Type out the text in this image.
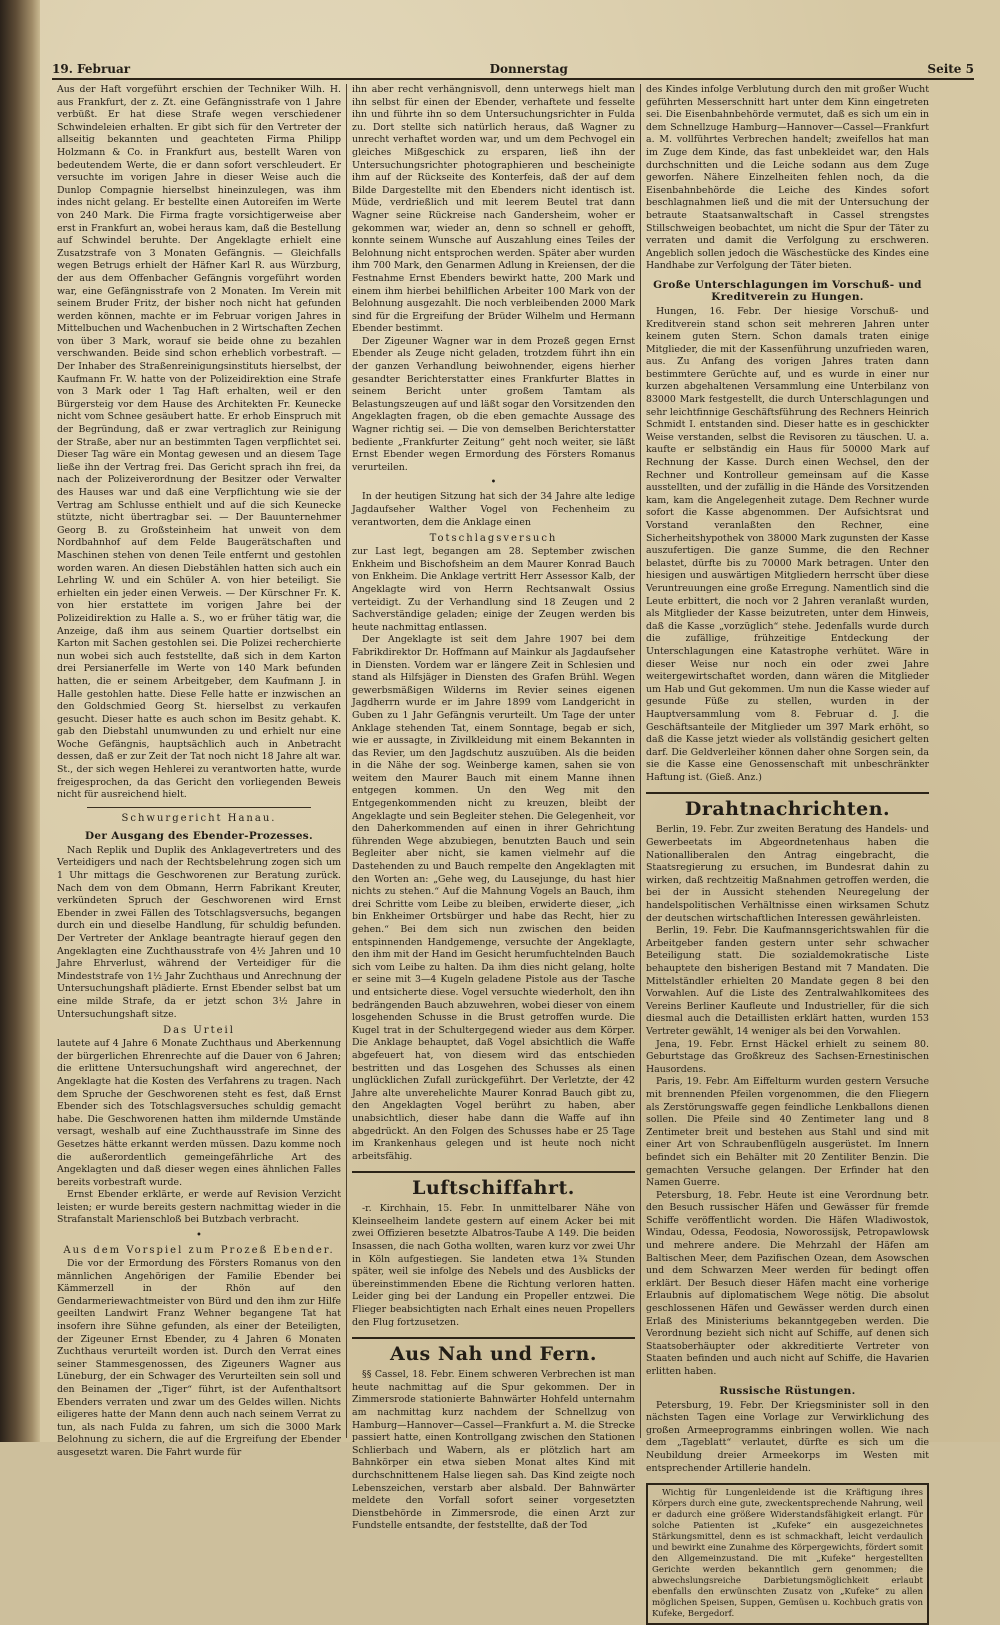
19. Februar	Donnerstag	Seite 5

Aus der Haft vorgeführt erschien der Techniker Wilh. H. aus Frankfurt, der z. Zt. eine Gefängnisstrafe von 1 Jahre verbüßt. Er hat diese Strafe wegen verschiedener Schwindeleien erhalten. Er gibt sich für den Vertreter der allseitig bekannten und geachteten Firma Philipp Holzmann & Co. in Frankfurt aus, bestellt Waren von bedeutendem Werte, die er dann sofort verschleudert. Er versuchte im vorigen Jahre in dieser Weise auch die Dunlop Compagnie hierselbst hineinzulegen, was ihm indes nicht gelang. Er bestellte einen Autoreifen im Werte von 240 Mark. Die Firma fragte vorsichtigerweise aber erst in Frankfurt an, wobei heraus kam, daß die Bestellung auf Schwindel beruhte. Der Angeklagte erhielt eine Zusatzstrafe von 3 Monaten Gefängnis. — Gleichfalls wegen Betrugs erhielt der Häfner Karl R. aus Würzburg, der aus dem Offenbacher Gefängnis vorgeführt worden war, eine Gefängnisstrafe von 2 Monaten. Im Verein mit seinem Bruder Fritz, der bisher noch nicht hat gefunden werden können, machte er im Februar vorigen Jahres in Mittelbuchen und Wachenbuchen in 2 Wirtschaften Zechen von über 3 Mark, worauf sie beide ohne zu bezahlen verschwanden. Beide sind schon erheblich vorbestraft. — Der Inhaber des Straßenreinigungsinstituts hierselbst, der Kaufmann Fr. W. hatte von der Polizeidirektion eine Strafe von 3 Mark oder 1 Tag Haft erhalten, weil er den Bürgersteig vor dem Hause des Architekten Fr. Keunecke nicht vom Schnee gesäubert hatte. Er erhob Einspruch mit der Begründung, daß er zwar vertraglich zur Reinigung der Straße, aber nur an bestimmten Tagen verpflichtet sei. Dieser Tag wäre ein Montag gewesen und an diesem Tage ließe ihn der Vertrag frei. Das Gericht sprach ihn frei, da nach der Polizeiverordnung der Besitzer oder Verwalter des Hauses war und daß eine Verpflichtung wie sie der Vertrag am Schlusse enthielt und auf die sich Keunecke stützte, nicht übertragbar sei. — Der Bauunternehmer Georg B. zu Großsteinheim hat unweit von dem Nordbahnhof auf dem Felde Baugerätschaften und Maschinen stehen von denen Teile entfernt und gestohlen worden waren. An diesen Diebstählen hatten sich auch ein Lehrling W. und ein Schüler A. von hier beteiligt. Sie erhielten ein jeder einen Verweis. — Der Kürschner Fr. K. von hier erstattete im vorigen Jahre bei der Polizeidirektion zu Halle a. S., wo er früher tätig war, die Anzeige, daß ihm aus seinem Quartier dortselbst ein Karton mit Sachen gestohlen sei. Die Polizei recherchierte nun wobei sich auch feststellte, daß sich in dem Karton drei Persianerfelle im Werte von 140 Mark befunden hatten, die er seinem Arbeitgeber, dem Kaufmann J. in Halle gestohlen hatte. Diese Felle hatte er inzwischen an den Goldschmied Georg St. hierselbst zu verkaufen gesucht. Dieser hatte es auch schon im Besitz gehabt. K. gab den Diebstahl unumwunden zu und erhielt nur eine Woche Gefängnis, hauptsächlich auch in Anbetracht dessen, daß er zur Zeit der Tat noch nicht 18 Jahre alt war. St., der sich wegen Hehlerei zu verantworten hatte, wurde freigesprochen, da das Gericht den vorliegenden Beweis nicht für ausreichend hielt.

Schwurgericht Hanau.
Der Ausgang des Ebender-Prozesses.

Nach Replik und Duplik des Anklagevertreters und des Verteidigers und nach der Rechtsbelehrung zogen sich um 1 Uhr mittags die Geschworenen zur Beratung zurück. Nach dem von dem Obmann, Herrn Fabrikant Kreuter, verkündeten Spruch der Geschworenen wird Ernst Ebender in zwei Fällen des Totschlagsversuchs, begangen durch ein und dieselbe Handlung, für schuldig befunden. Der Vertreter der Anklage beantragte hierauf gegen den Angeklagten eine Zuchthausstrafe von 4½ Jahren und 10 Jahre Ehrverlust, während der Verteidiger für die Mindeststrafe von 1½ Jahr Zuchthaus und Anrechnung der Untersuchungshaft plädierte. Ernst Ebender selbst bat um eine milde Strafe, da er jetzt schon 3½ Jahre in Untersuchungshaft sitze.

Das Urteil

lautete auf 4 Jahre 6 Monate Zuchthaus und Aberkennung der bürgerlichen Ehrenrechte auf die Dauer von 6 Jahren; die erlittene Untersuchungshaft wird angerechnet, der Angeklagte hat die Kosten des Verfahrens zu tragen. Nach dem Spruche der Geschworenen steht es fest, daß Ernst Ebender sich des Totschlagsversuches schuldig gemacht habe. Die Geschworenen hatten ihm mildernde Umstände versagt, weshalb auf eine Zuchthausstrafe im Sinne des Gesetzes hätte erkannt werden müssen. Dazu komme noch die außerordentlich gemeingefährliche Art des Angeklagten und daß dieser wegen eines ähnlichen Falles bereits vorbestraft wurde.

Ernst Ebender erklärte, er werde auf Revision Verzicht leisten; er wurde bereits gestern nachmittag wieder in die Strafanstalt Marienschloß bei Butzbach verbracht.

•
Aus dem Vorspiel zum Prozeß Ebender.

Die vor der Ermordung des Försters Romanus von den männlichen Angehörigen der Familie Ebender bei Kämmerzell in der Rhön auf den Gendarmeriewachtmeister von Bürd und den ihm zur Hilfe geeilten Landwirt Franz Wehner begangene Tat hat insofern ihre Sühne gefunden, als einer der Beteiligten, der Zigeuner Ernst Ebender, zu 4 Jahren 6 Monaten Zuchthaus verurteilt worden ist. Durch den Verrat eines seiner Stammesgenossen, des Zigeuners Wagner aus Lüneburg, der ein Schwager des Verurteilten sein soll und den Beinamen der „Tiger“ führt, ist der Aufenthaltsort Ebenders verraten und zwar um des Geldes willen. Nichts eiligeres hatte der Mann denn auch nach seinem Verrat zu tun, als nach Fulda zu fahren, um sich die 3000 Mark Belohnung zu sichern, die auf die Ergreifung der Ebender ausgesetzt waren. Die Fahrt wurde für

ihn aber recht verhängnisvoll, denn unterwegs hielt man ihn selbst für einen der Ebender, verhaftete und fesselte ihn und führte ihn so dem Untersuchungsrichter in Fulda zu. Dort stellte sich natürlich heraus, daß Wagner zu unrecht verhaftet worden war, und um dem Pechvogel ein gleiches Mißgeschick zu ersparen, ließ ihn der Untersuchungsrichter photographieren und bescheinigte ihm auf der Rückseite des Konterfeis, daß der auf dem Bilde Dargestellte mit den Ebenders nicht identisch ist. Müde, verdrießlich und mit leerem Beutel trat dann Wagner seine Rückreise nach Gandersheim, woher er gekommen war, wieder an, denn so schnell er gehofft, konnte seinem Wunsche auf Auszahlung eines Teiles der Belohnung nicht entsprochen werden. Später aber wurden ihm 700 Mark, den Genarmen Adlung in Kreiensen, der die Festnahme Ernst Ebenders bewirkt hatte, 200 Mark und einem ihm hierbei behilflichen Arbeiter 100 Mark von der Belohnung ausgezahlt. Die noch verbleibenden 2000 Mark sind für die Ergreifung der Brüder Wilhelm und Hermann Ebender bestimmt.

Der Zigeuner Wagner war in dem Prozeß gegen Ernst Ebender als Zeuge nicht geladen, trotzdem führt ihn ein der ganzen Verhandlung beiwohnender, eigens hierher gesandter Berichterstatter eines Frankfurter Blattes in seinem Bericht unter großem Tamtam als Belastungszeugen auf und läßt sogar den Vorsitzenden den Angeklagten fragen, ob die eben gemachte Aussage des Wagner richtig sei. — Die von demselben Berichterstatter bediente „Frankfurter Zeitung“ geht noch weiter, sie läßt Ernst Ebender wegen Ermordung des Försters Romanus verurteilen.

•

In der heutigen Sitzung hat sich der 34 Jahre alte ledige Jagdaufseher Walther Vogel von Fechenheim zu verantworten, dem die Anklage einen

Totschlagsversuch

zur Last legt, begangen am 28. September zwischen Enkheim und Bischofsheim an dem Maurer Konrad Bauch von Enkheim. Die Anklage vertritt Herr Assessor Kalb, der Angeklagte wird von Herrn Rechtsanwalt Ossius verteidigt. Zu der Verhandlung sind 18 Zeugen und 2 Sachverständige geladen; einige der Zeugen werden bis heute nachmittag entlassen.

Der Angeklagte ist seit dem Jahre 1907 bei dem Fabrikdirektor Dr. Hoffmann auf Mainkur als Jagdaufseher in Diensten. Vordem war er längere Zeit in Schlesien und stand als Hilfsjäger in Diensten des Grafen Brühl. Wegen gewerbsmäßigen Wilderns im Revier seines eigenen Jagdherrn wurde er im Jahre 1899 vom Landgericht in Guben zu 1 Jahr Gefängnis verurteilt. Um Tage der unter Anklage stehenden Tat, einem Sonntage, begab er sich, wie er aussagte, in Zivilkleidung mit einem Bekannten in das Revier, um den Jagdschutz auszuüben. Als die beiden in die Nähe der sog. Weinberge kamen, sahen sie von weitem den Maurer Bauch mit einem Manne ihnen entgegen kommen. Un den Weg mit den Entgegenkommenden nicht zu kreuzen, bleibt der Angeklagte und sein Begleiter stehen. Die Gelegenheit, vor den Daherkommenden auf einen in ihrer Gehrichtung führenden Wege abzubiegen, benutzten Bauch und sein Begleiter aber nicht, sie kamen vielmehr auf die Dastehenden zu und Bauch rempelte den Angeklagten mit den Worten an: „Gehe weg, du Lausejunge, du hast hier nichts zu stehen.“ Auf die Mahnung Vogels an Bauch, ihm drei Schritte vom Leibe zu bleiben, erwiderte dieser, „ich bin Enkheimer Ortsbürger und habe das Recht, hier zu gehen.“ Bei dem sich nun zwischen den beiden entspinnenden Handgemenge, versuchte der Angeklagte, den ihm mit der Hand im Gesicht herumfuchtelnden Bauch sich vom Leibe zu halten. Da ihm dies nicht gelang, holte er seine mit 3—4 Kugeln geladene Pistole aus der Tasche und entsicherte diese. Vogel versuchte wiederholt, den ihn bedrängenden Bauch abzuwehren, wobei dieser von einem losgehenden Schusse in die Brust getroffen wurde. Die Kugel trat in der Schultergegend wieder aus dem Körper. Die Anklage behauptet, daß Vogel absichtlich die Waffe abgefeuert hat, von diesem wird das entschieden bestritten und das Losgehen des Schusses als einen unglücklichen Zufall zurückgeführt. Der Verletzte, der 42 Jahre alte unverehelichte Maurer Konrad Bauch gibt zu, den Angeklagten Vogel berührt zu haben, aber unabsichtlich, dieser habe dann die Waffe auf ihn abgedrückt. An den Folgen des Schusses habe er 25 Tage im Krankenhaus gelegen und ist heute noch nicht arbeitsfähig.

Luftschiffahrt.

-r. Kirchhain, 15. Febr. In unmittelbarer Nähe von Kleinseelheim landete gestern auf einem Acker bei mit zwei Offizieren besetzte Albatros-Taube A 149. Die beiden Insassen, die nach Gotha wollten, waren kurz vor zwei Uhr in Köln aufgestiegen. Sie landeten etwa 1¾ Stunden später, weil sie infolge des Nebels und des Ausblicks der übereinstimmenden Ebene die Richtung verloren hatten. Leider ging bei der Landung ein Propeller entzwei. Die Flieger beabsichtigten nach Erhalt eines neuen Propellers den Flug fortzusetzen.

Aus Nah und Fern.

§§ Cassel, 18. Febr. Einem schweren Verbrechen ist man heute nachmittag auf die Spur gekommen. Der in Zimmersrode stationierte Bahnwärter Hohfeld unternahm am nachmittag kurz nachdem der Schnellzug von Hamburg—Hannover—Cassel—Frankfurt a. M. die Strecke passiert hatte, einen Kontrollgang zwischen den Stationen Schlierbach und Wabern, als er plötzlich hart am Bahnkörper ein etwa sieben Monat altes Kind mit durchschnittenem Halse liegen sah. Das Kind zeigte noch Lebenszeichen, verstarb aber alsbald. Der Bahnwärter meldete den Vorfall sofort seiner vorgesetzten Dienstbehörde in Zimmersrode, die einen Arzt zur Fundstelle entsandte, der feststellte, daß der Tod

des Kindes infolge Verblutung durch den mit großer Wucht geführten Messerschnitt hart unter dem Kinn eingetreten sei. Die Eisenbahnbehörde vermutet, daß es sich um ein in dem Schnellzuge Hamburg—Hannover—Cassel—Frankfurt a. M. vollführtes Verbrechen handelt; zweifellos hat man im Zuge dem Kinde, das fast unbekleidet war, den Hals durchschnitten und die Leiche sodann aus dem Zuge geworfen. Nähere Einzelheiten fehlen noch, da die Eisenbahnbehörde die Leiche des Kindes sofort beschlagnahmen ließ und die mit der Untersuchung der betraute Staatsanwaltschaft in Cassel strengstes Stillschweigen beobachtet, um nicht die Spur der Täter zu verraten und damit die Verfolgung zu erschweren. Angeblich sollen jedoch die Wäschestücke des Kindes eine Handhabe zur Verfolgung der Täter bieten.

Große Unterschlagungen im Vorschuß- und Kreditverein zu Hungen.

Hungen, 16. Febr. Der hiesige Vorschuß- und Kreditverein stand schon seit mehreren Jahren unter keinem guten Stern. Schon damals traten einige Mitglieder, die mit der Kassenführung unzufrieden waren, aus. Zu Anfang des vorigen Jahres traten dann bestimmtere Gerüchte auf, und es wurde in einer nur kurzen abgehaltenen Versammlung eine Unterbilanz von 83000 Mark festgestellt, die durch Unterschlagungen und sehr leichtfinnige Geschäftsführung des Rechners Heinrich Schmidt I. entstanden sind. Dieser hatte es in geschickter Weise verstanden, selbst die Revisoren zu täuschen. U. a. kaufte er selbständig ein Haus für 50000 Mark auf Rechnung der Kasse. Durch einen Wechsel, den der Rechner und Kontrolleur gemeinsam auf die Kasse ausstellten, und der zufällig in die Hände des Vorsitzenden kam, kam die Angelegenheit zutage. Dem Rechner wurde sofort die Kasse abgenommen. Der Aufsichtsrat und Vorstand veranlaßten den Rechner, eine Sicherheitshypothek von 38000 Mark zugunsten der Kasse auszufertigen. Die ganze Summe, die den Rechner belastet, dürfte bis zu 70000 Mark betragen. Unter den hiesigen und auswärtigen Mitgliedern herrscht über diese Veruntreuungen eine große Erregung. Namentlich sind die Leute erbittert, die noch vor 2 Jahren veranlaßt wurden, als Mitglieder der Kasse beizutreten, unter dem Hinweis, daß die Kasse „vorzüglich“ stehe. Jedenfalls wurde durch die zufällige, frühzeitige Entdeckung der Unterschlagungen eine Katastrophe verhütet. Wäre in dieser Weise nur noch ein oder zwei Jahre weitergewirtschaftet worden, dann wären die Mitglieder um Hab und Gut gekommen. Um nun die Kasse wieder auf gesunde Füße zu stellen, wurden in der Hauptversammlung vom 8. Februar d. J. die Geschäftsanteile der Mitglieder um 397 Mark erhöht, so daß die Kasse jetzt wieder als vollständig gesichert gelten darf. Die Geldverleiher können daher ohne Sorgen sein, da sie die Kasse eine Genossenschaft mit unbeschränkter Haftung ist. (Gieß. Anz.)

Drahtnachrichten.

Berlin, 19. Febr. Zur zweiten Beratung des Handels- und Gewerbeetats im Abgeordnetenhaus haben die Nationalliberalen den Antrag eingebracht, die Staatsregierung zu ersuchen, im Bundesrat dahin zu wirken, daß rechtzeitig Maßnahmen getroffen werden, die bei der in Aussicht stehenden Neuregelung der handelspolitischen Verhältnisse einen wirksamen Schutz der deutschen wirtschaftlichen Interessen gewährleisten.

Berlin, 19. Febr. Die Kaufmannsgerichtswahlen für die Arbeitgeber fanden gestern unter sehr schwacher Beteiligung statt. Die sozialdemokratische Liste behauptete den bisherigen Bestand mit 7 Mandaten. Die Mittelständler erhielten 20 Mandate gegen 8 bei den Vorwahlen. Auf die Liste des Zentralwahlkomitees des Vereins Berliner Kaufleute und Industrieller, für die sich diesmal auch die Detaillisten erklärt hatten, wurden 153 Vertreter gewählt, 14 weniger als bei den Vorwahlen.

Jena, 19. Febr. Ernst Häckel erhielt zu seinem 80. Geburtstage das Großkreuz des Sachsen-Ernestinischen Hausordens.

Paris, 19. Febr. Am Eiffelturm wurden gestern Versuche mit brennenden Pfeilen vorgenommen, die den Fliegern als Zerstörungswaffe gegen feindliche Lenkballons dienen sollen. Die Pfeile sind 40 Zentimeter lang und 8 Zentimeter breit und bestehen aus Stahl und sind mit einer Art von Schraubenflügeln ausgerüstet. Im Innern befindet sich ein Behälter mit 20 Zentiliter Benzin. Die gemachten Versuche gelangen. Der Erfinder hat den Namen Guerre.

Petersburg, 18. Febr. Heute ist eine Verordnung betr. den Besuch russischer Häfen und Gewässer für fremde Schiffe veröffentlicht worden. Die Häfen Wladiwostok, Windau, Odessa, Feodosia, Noworossijsk, Petropawlowsk und mehrere andere. Die Mehrzahl der Häfen am Baltischen Meer, dem Pazifischen Ozean, dem Asowschen und dem Schwarzen Meer werden für bedingt offen erklärt. Der Besuch dieser Häfen macht eine vorherige Erlaubnis auf diplomatischem Wege nötig. Die absolut geschlossenen Häfen und Gewässer werden durch einen Erlaß des Ministeriums bekanntgegeben werden. Die Verordnung bezieht sich nicht auf Schiffe, auf denen sich Staatsoberhäupter oder akkreditierte Vertreter von Staaten befinden und auch nicht auf Schiffe, die Havarien erlitten haben.

Russische Rüstungen.

Petersburg, 19. Febr. Der Kriegsminister soll in den nächsten Tagen eine Vorlage zur Verwirklichung des großen Armeeprogramms einbringen wollen. Wie nach dem „Tageblatt“ verlautet, dürfte es sich um die Neubildung dreier Armeekorps im Westen mit entsprechender Artillerie handeln.

Wichtig für Lungenleidende ist die Kräftigung ihres Körpers durch eine gute, zweckentsprechende Nahrung, weil er dadurch eine größere Widerstandsfähigkeit erlangt. Für solche Patienten ist „Kufeke“ ein ausgezeichnetes Stärkungsmittel, denn es ist schmackhaft, leicht verdaulich und bewirkt eine Zunahme des Körpergewichts, fördert somit den Allgemeinzustand. Die mit „Kufeke“ hergestellten Gerichte werden bekanntlich gern genommen; die abwechslungsreiche Darbietungsmöglichkeit erlaubt ebenfalls den erwünschten Zusatz von „Kufeke“ zu allen möglichen Speisen, Suppen, Gemüsen u. Kochbuch gratis von Kufeke, Bergedorf.
